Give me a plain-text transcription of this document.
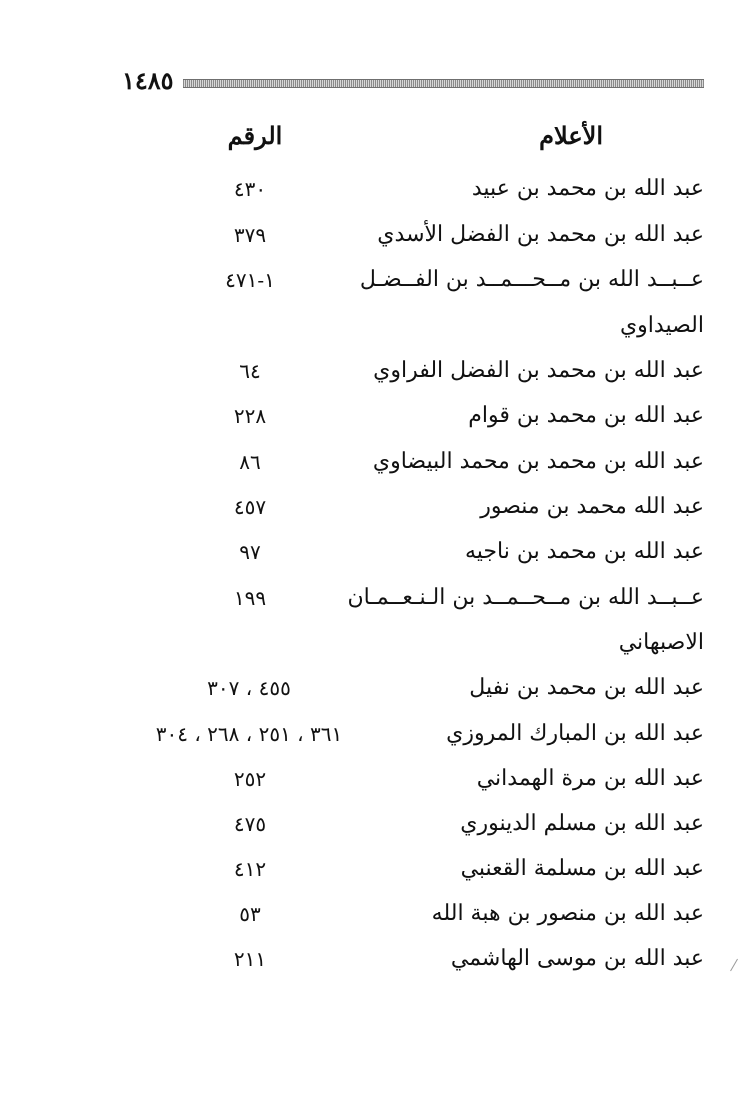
١٤٨٥
الأعلام
الرقم
عبد الله بن محمد بن عبيد
٤٣٠
عبد الله بن محمد بن الفضل الأسدي
٣٧٩
عــبــد الله بن مــحـــمــد بن الفــضـل
١-٤٧١
الصيداوي
عبد الله بن محمد بن الفضل الفراوي
٦٤
عبد الله بن محمد بن قوام
٢٢٨
عبد الله بن محمد بن محمد البيضاوي
٨٦
عبد الله محمد بن منصور
٤٥٧
عبد الله بن محمد بن ناجيه
٩٧
عــبــد الله بن مــحــمــد بن الـنـعــمـان
١٩٩
الاصبهاني
عبد الله بن محمد بن نفيل
٤٥٥ ، ٣٠٧
عبد الله بن المبارك المروزي
٣٦١ ، ٢٥١ ، ٢٦٨ ، ٣٠٤
عبد الله بن مرة الهمداني
٢٥٢
عبد الله بن مسلم الدينوري
٤٧٥
عبد الله بن مسلمة القعنبي
٤١٢
عبد الله بن منصور بن هبة الله
٥٣
عبد الله بن موسى الهاشمي
٢١١
